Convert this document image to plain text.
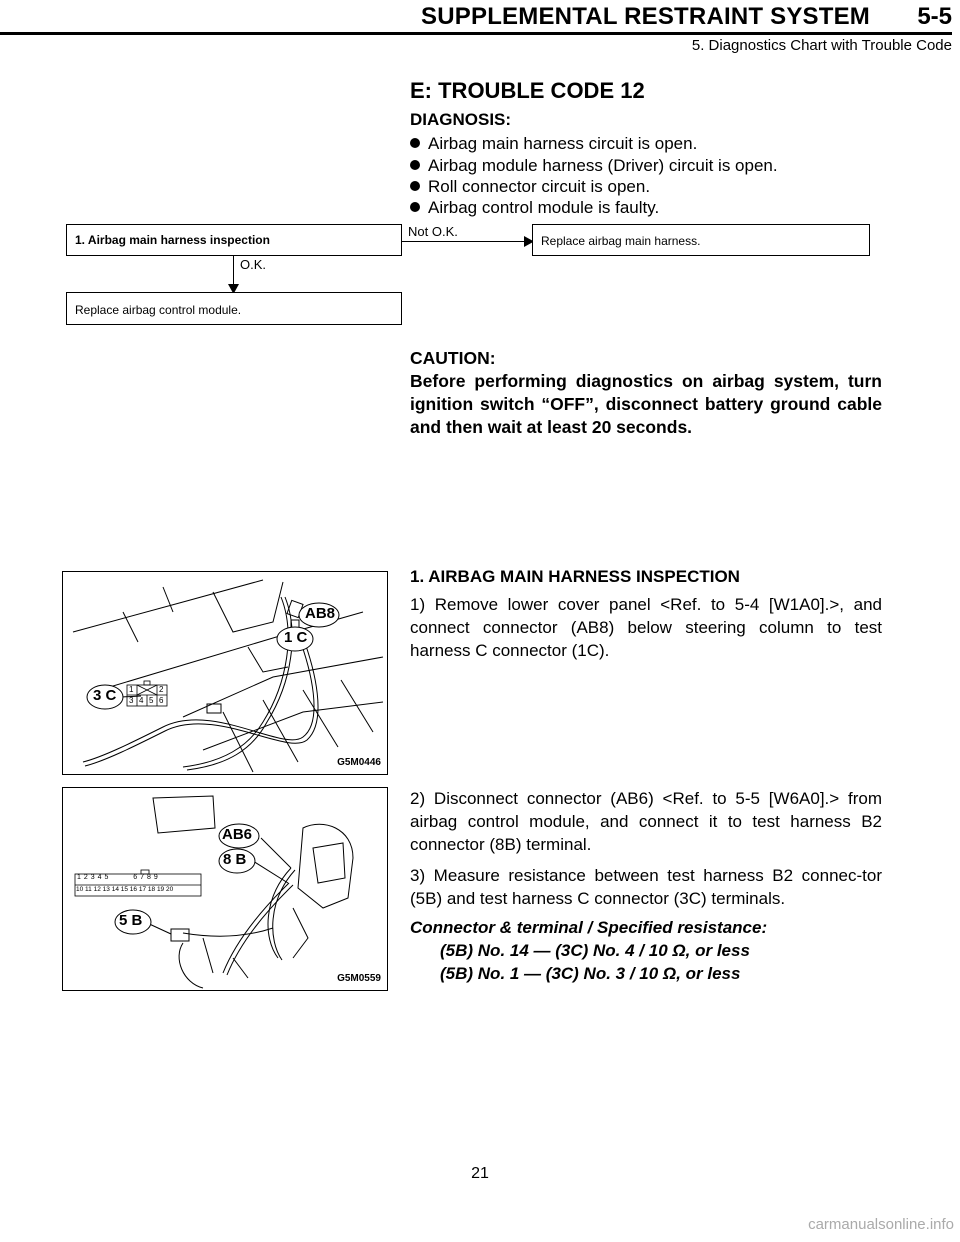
SUPPLEMENTAL RESTRAINT SYSTEM 5-5
5. Diagnostics Chart with Trouble Code
E: TROUBLE CODE 12
DIAGNOSIS:
Airbag main harness circuit is open.
Airbag module harness (Driver) circuit is open.
Roll connector circuit is open.
Airbag control module is faulty.
1. Airbag main harness inspection
Not O.K.
Replace airbag main harness.
O.K.
Replace airbag control module.
CAUTION:
Before performing diagnostics on airbag system, turn ignition switch “OFF”, disconnect battery ground cable and then wait at least 20 seconds.
AB8
1 C
3 C 1	2
3 4 5 6
G5M0446
1. AIRBAG MAIN HARNESS INSPECTION
1) Remove lower cover panel <Ref. to 5-4 [W1A0].>, and connect connector (AB8) below steering column to test harness C connector (1C).
AB6
8 B
5 B
1 2 3 4 5	6 7 8 9
10 11 12 13 14 15 16 17 18 19 20
G5M0559
2) Disconnect connector (AB6) <Ref. to 5-5 [W6A0].> from airbag control module, and connect it to test harness B2 connector (8B) terminal.
3) Measure resistance between test harness B2 connec-tor (5B) and test harness C connector (3C) terminals.
Connector & terminal / Specified resistance:
(5B) No. 14 — (3C) No. 4 / 10 Ω, or less
(5B) No. 1 — (3C) No. 3 / 10 Ω, or less
21
carmanualsonline.info
